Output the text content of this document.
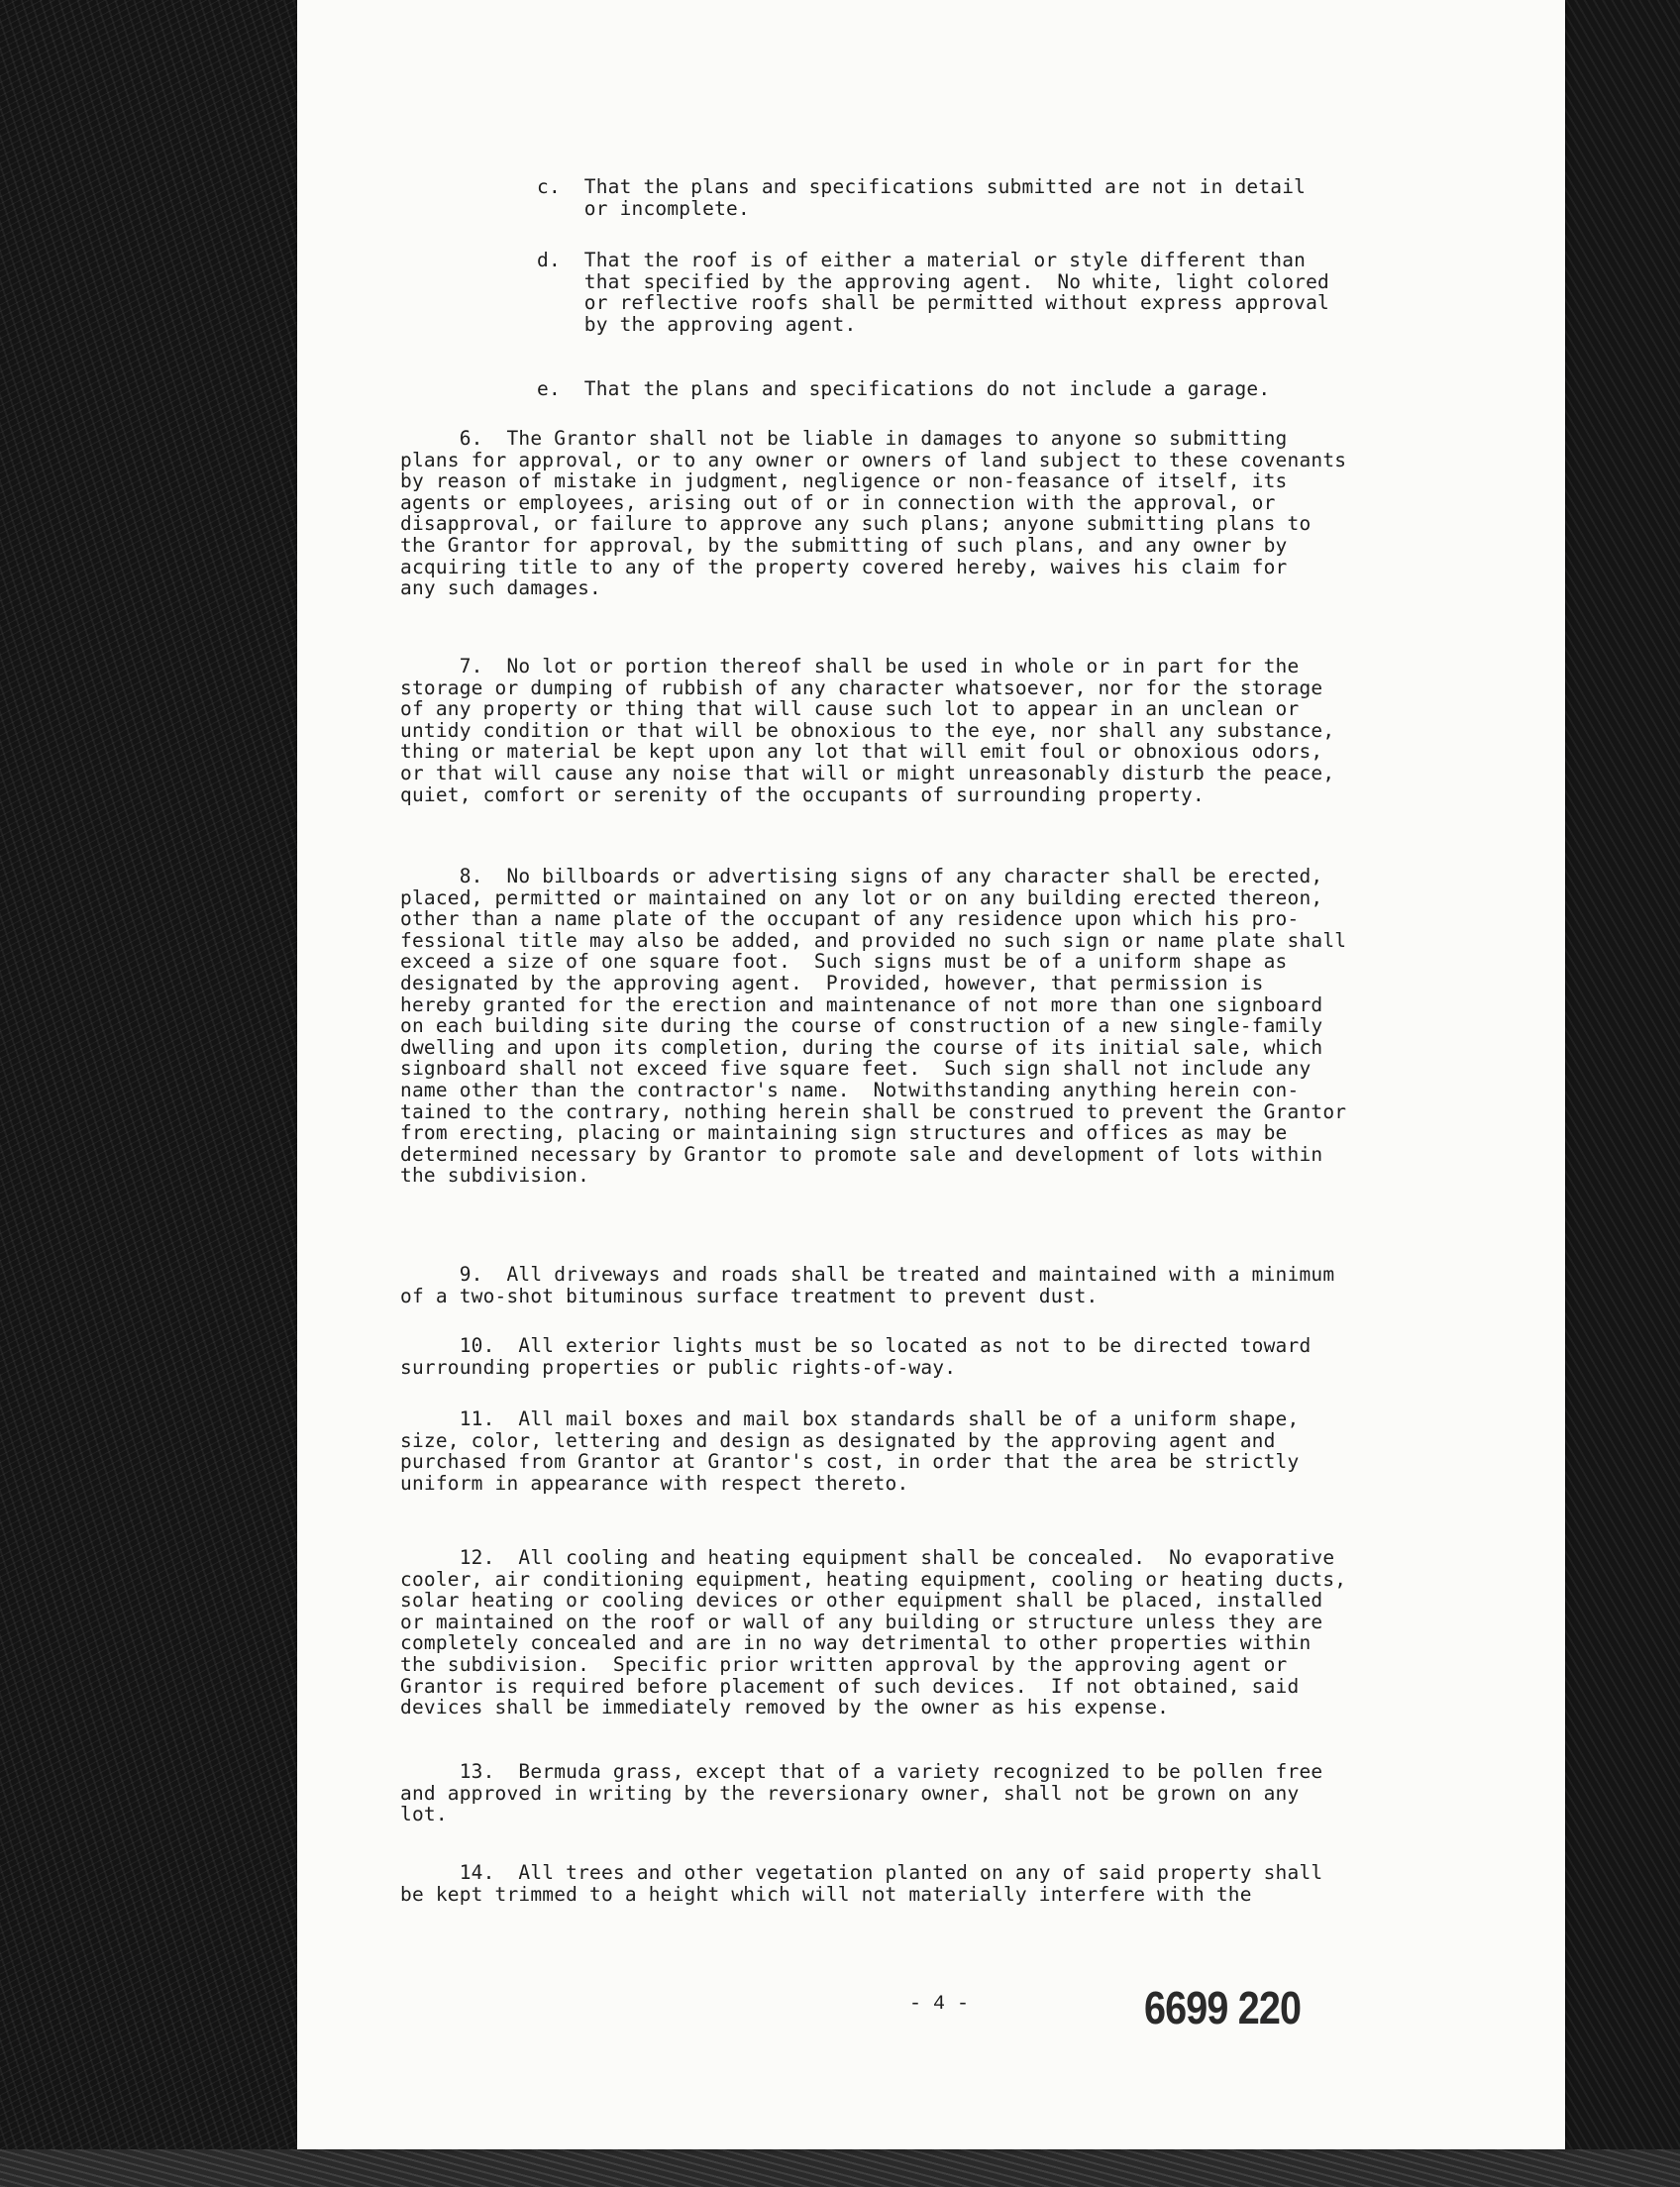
c.  That the plans and specifications submitted are not in detail
or incomplete.
d.  That the roof is of either a material or style different than
that specified by the approving agent.  No white, light colored
or reflective roofs shall be permitted without express approval
by the approving agent.
e.  That the plans and specifications do not include a garage.
6.  The Grantor shall not be liable in damages to anyone so submitting
plans for approval, or to any owner or owners of land subject to these covenants
by reason of mistake in judgment, negligence or non-feasance of itself, its
agents or employees, arising out of or in connection with the approval, or
disapproval, or failure to approve any such plans; anyone submitting plans to
the Grantor for approval, by the submitting of such plans, and any owner by
acquiring title to any of the property covered hereby, waives his claim for
any such damages.
7.  No lot or portion thereof shall be used in whole or in part for the
storage or dumping of rubbish of any character whatsoever, nor for the storage
of any property or thing that will cause such lot to appear in an unclean or
untidy condition or that will be obnoxious to the eye, nor shall any substance,
thing or material be kept upon any lot that will emit foul or obnoxious odors,
or that will cause any noise that will or might unreasonably disturb the peace,
quiet, comfort or serenity of the occupants of surrounding property.
8.  No billboards or advertising signs of any character shall be erected,
placed, permitted or maintained on any lot or on any building erected thereon,
other than a name plate of the occupant of any residence upon which his pro-
fessional title may also be added, and provided no such sign or name plate shall
exceed a size of one square foot.  Such signs must be of a uniform shape as
designated by the approving agent.  Provided, however, that permission is
hereby granted for the erection and maintenance of not more than one signboard
on each building site during the course of construction of a new single-family
dwelling and upon its completion, during the course of its initial sale, which
signboard shall not exceed five square feet.  Such sign shall not include any
name other than the contractor's name.  Notwithstanding anything herein con-
tained to the contrary, nothing herein shall be construed to prevent the Grantor
from erecting, placing or maintaining sign structures and offices as may be
determined necessary by Grantor to promote sale and development of lots within
the subdivision.
9.  All driveways and roads shall be treated and maintained with a minimum
of a two-shot bituminous surface treatment to prevent dust.
10.  All exterior lights must be so located as not to be directed toward
surrounding properties or public rights-of-way.
11.  All mail boxes and mail box standards shall be of a uniform shape,
size, color, lettering and design as designated by the approving agent and
purchased from Grantor at Grantor's cost, in order that the area be strictly
uniform in appearance with respect thereto.
12.  All cooling and heating equipment shall be concealed.  No evaporative
cooler, air conditioning equipment, heating equipment, cooling or heating ducts,
solar heating or cooling devices or other equipment shall be placed, installed
or maintained on the roof or wall of any building or structure unless they are
completely concealed and are in no way detrimental to other properties within
the subdivision.  Specific prior written approval by the approving agent or
Grantor is required before placement of such devices.  If not obtained, said
devices shall be immediately removed by the owner as his expense.
13.  Bermuda grass, except that of a variety recognized to be pollen free
and approved in writing by the reversionary owner, shall not be grown on any
lot.
14.  All trees and other vegetation planted on any of said property shall
be kept trimmed to a height which will not materially interfere with the
- 4 -	6699 220
